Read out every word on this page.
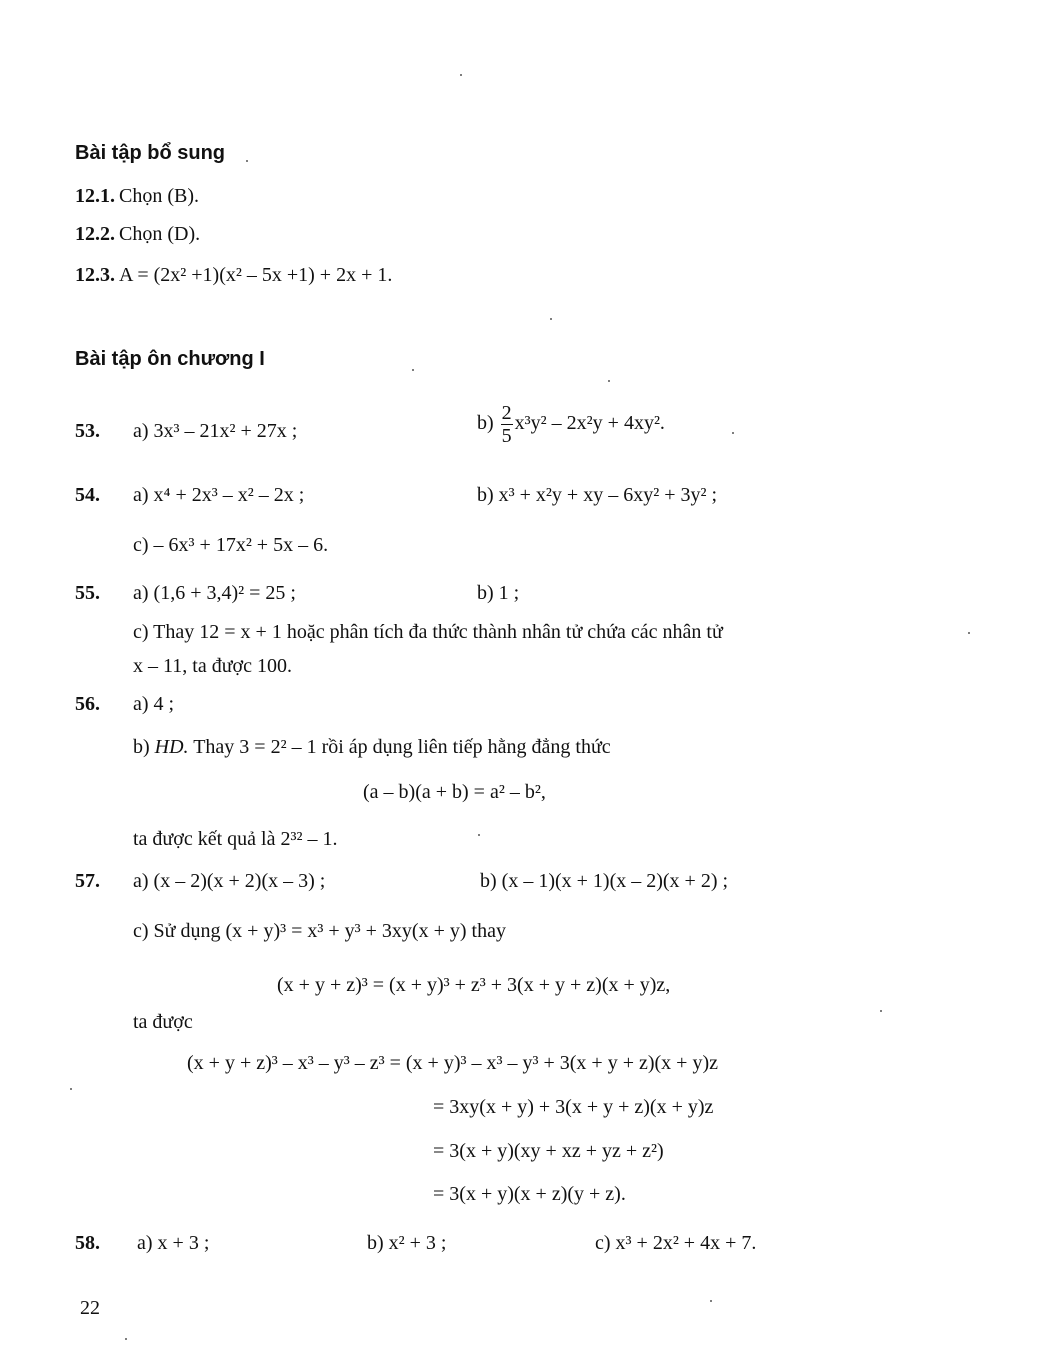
Bài tập bổ sung
12.1. Chọn (B).
12.2. Chọn (D).
12.3. A = (2x² +1)(x² – 5x +1) + 2x + 1.
Bài tập ôn chương I
53. a) 3x³ – 21x² + 27x ;	$b) \frac{2}{5} x^3y^2 - 2x^2y + 4xy^2$.
54. a) x⁴ + 2x³ – x² – 2x ;	b) x³ + x²y + xy – 6xy² + 3y² ;
c) – 6x³ + 17x² + 5x – 6.
55. a) (1,6 + 3,4)² = 25 ;	b) 1 ;
c) Thay 12 = x + 1 hoặc phân tích đa thức thành nhân tử chứa các nhân tử
x – 11, ta được 100.
56. a) 4 ;
b) HD. Thay 3 = 2² – 1 rồi áp dụng liên tiếp hằng đẳng thức
(a – b)(a + b) = a² – b²,
ta được kết quả là 2³² – 1.
57. a) (x – 2)(x + 2)(x – 3) ;	b) (x – 1)(x + 1)(x – 2)(x + 2) ;
c) Sử dụng (x + y)³ = x³ + y³ + 3xy(x + y) thay
(x + y + z)³ = (x + y)³ + z³ + 3(x + y + z)(x + y)z,
ta được
(x + y + z)³ – x³ – y³ – z³ = (x + y)³ – x³ – y³ + 3(x + y + z)(x + y)z
= 3xy(x + y) + 3(x + y + z)(x + y)z
= 3(x + y)(xy + xz + yz + z²)
= 3(x + y)(x + z)(y + z).
58. a) x + 3 ;	b) x² + 3 ;	c) x³ + 2x² + 4x + 7.
22
